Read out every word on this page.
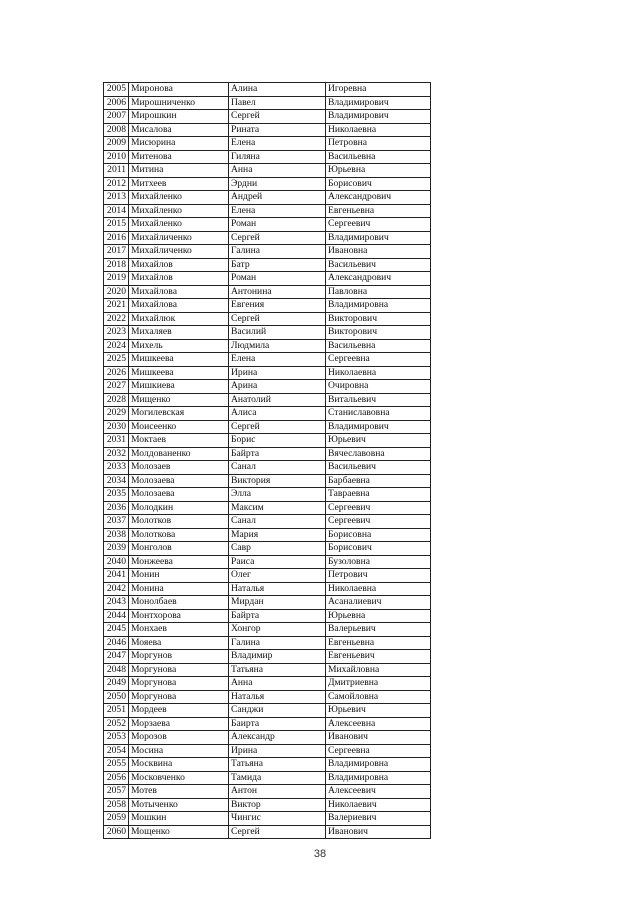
2005	Миронова	Алина	Игоревна
2006	Мирошниченко	Павел	Владимирович
2007	Мирошкин	Сергей	Владимирович
2008	Мисалова	Рината	Николаевна
2009	Мисюрина	Елена	Петровна
2010	Митенова	Гиляна	Васильевна
2011	Митина	Анна	Юрьевна
2012	Митхеев	Эрдни	Борисович
2013	Михайленко	Андрей	Александрович
2014	Михайленко	Елена	Евгеньевна
2015	Михайленко	Роман	Сергеевич
2016	Михайличенко	Сергей	Владимирович
2017	Михайличенко	Галина	Ивановна
2018	Михайлов	Батр	Васильевич
2019	Михайлов	Роман	Александрович
2020	Михайлова	Антонина	Павловна
2021	Михайлова	Евгения	Владимировна
2022	Михайлюк	Сергей	Викторович
2023	Михаляев	Василий	Викторович
2024	Михель	Людмила	Васильевна
2025	Мишкеева	Елена	Сергеевна
2026	Мишкеева	Ирина	Николаевна
2027	Мишкиева	Арина	Очировна
2028	Мищенко	Анатолий	Витальевич
2029	Могилевская	Алиса	Станиславовна
2030	Моисеенко	Сергей	Владимирович
2031	Моктаев	Борис	Юрьевич
2032	Молдованенко	Байрта	Вячеславовна
2033	Молозаев	Санал	Васильевич
2034	Молозаева	Виктория	Барбаевна
2035	Молозаева	Элла	Тавраевна
2036	Молодкин	Максим	Сергеевич
2037	Молотков	Санал	Сергеевич
2038	Молоткова	Мария	Борисовна
2039	Монголов	Савр	Борисович
2040	Монжеева	Раиса	Бузоловна
2041	Монин	Олег	Петрович
2042	Монина	Наталья	Николаевна
2043	Монолбаев	Мирдан	Асаналиевич
2044	Монтхорова	Байрта	Юрьевна
2045	Монхаев	Хонгор	Валерьевич
2046	Мояева	Галина	Евгеньевна
2047	Моргунов	Владимир	Евгеньевич
2048	Моргунова	Татьяна	Михайловна
2049	Моргунова	Анна	Дмитриевна
2050	Моргунова	Наталья	Самойловна
2051	Мордеев	Санджи	Юрьевич
2052	Морзаева	Баирта	Алексеевна
2053	Морозов	Александр	Иванович
2054	Мосина	Ирина	Сергеевна
2055	Москвина	Татьяна	Владимировна
2056	Московченко	Тамида	Владимировна
2057	Мотев	Антон	Алексеевич
2058	Мотыченко	Виктор	Николаевич
2059	Мошкин	Чингис	Валериевич
2060	Мощенко	Сергей	Иванович
38
